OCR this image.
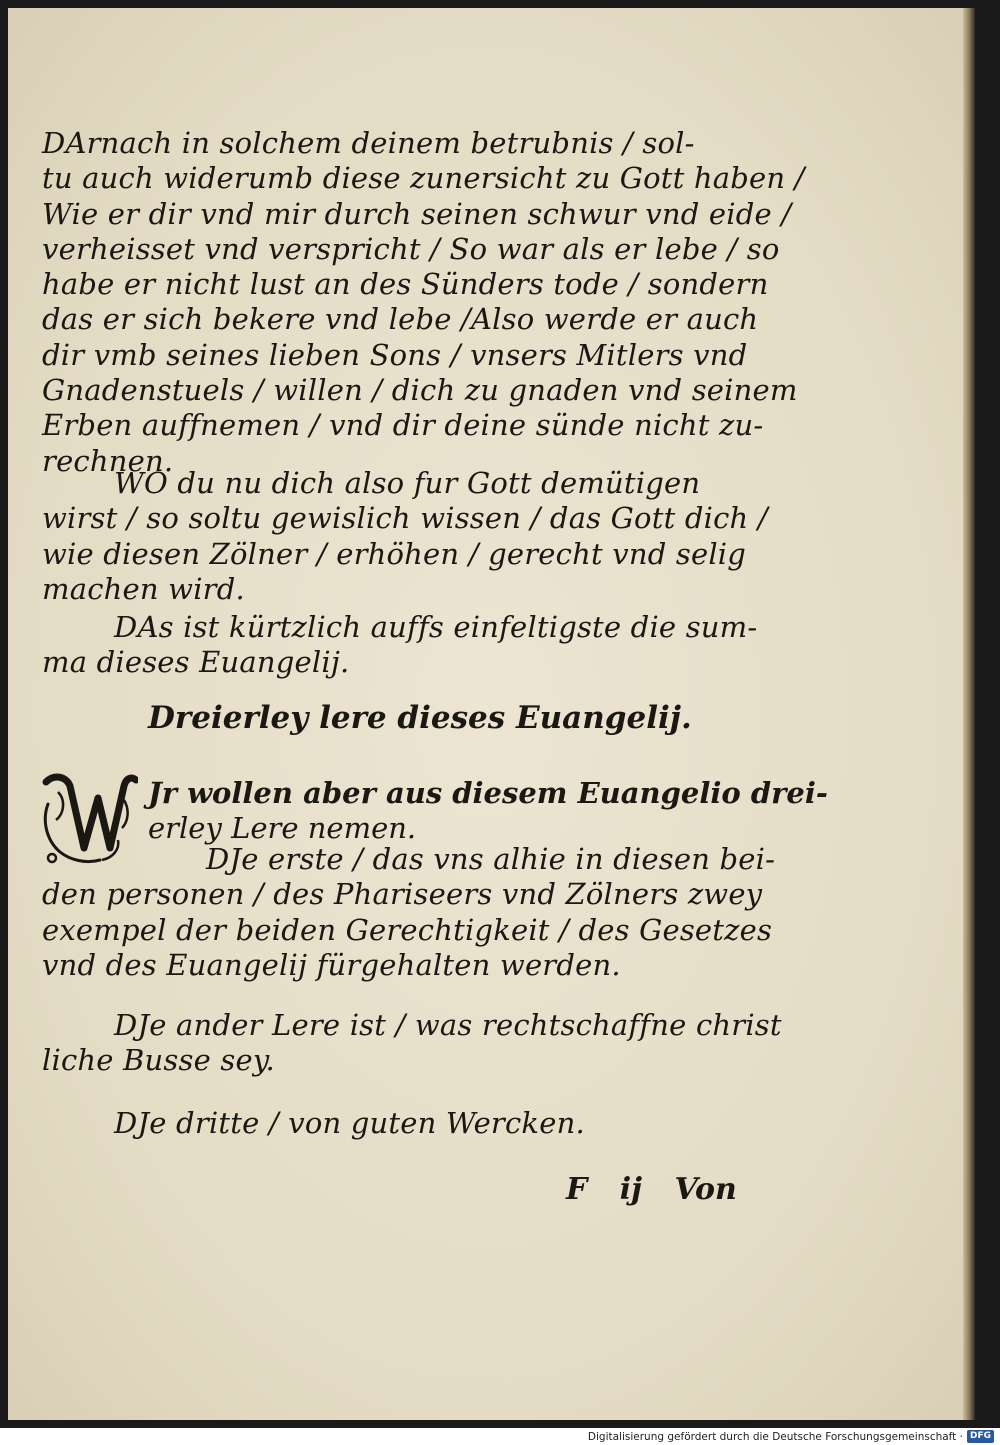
DArnach in solchem deinem betrubnis / sol-
tu auch widerumb diese zunersicht zu Gott haben /
Wie er dir vnd mir durch seinen schwur vnd eide /
verheisset vnd verspricht / So war als er lebe / so
habe er nicht lust an des Sünders tode / sondern
das er sich bekere vnd lebe /Also werde er auch
dir vmb seines lieben Sons / vnsers Mitlers vnd
Gnadenstuels / willen / dich zu gnaden vnd seinem
Erben auffnemen / vnd dir deine sünde nicht zu-
rechnen.
WO du nu dich also fur Gott demütigen
wirst / so soltu gewislich wissen / das Gott dich /
wie diesen Zölner / erhöhen / gerecht vnd selig
machen wird.
DAs ist kürtzlich auffs einfeltigste die sum-
ma dieses Euangelij.
Dreierley lere dieses Euangelij.
Jr wollen aber aus diesem Euangelio drei-
erley Lere nemen.
DJe erste / das vns alhie in diesen bei-
den personen / des Phariseers vnd Zölners zwey
exempel der beiden Gerechtigkeit / des Gesetzes
vnd des Euangelij fürgehalten werden.
DJe ander Lere ist / was rechtschaffne christ
liche Busse sey.
DJe dritte / von guten Wercken.
F ij Von
Digitalisierung gefördert durch die Deutsche Forschungsgemeinschaft · DFG
